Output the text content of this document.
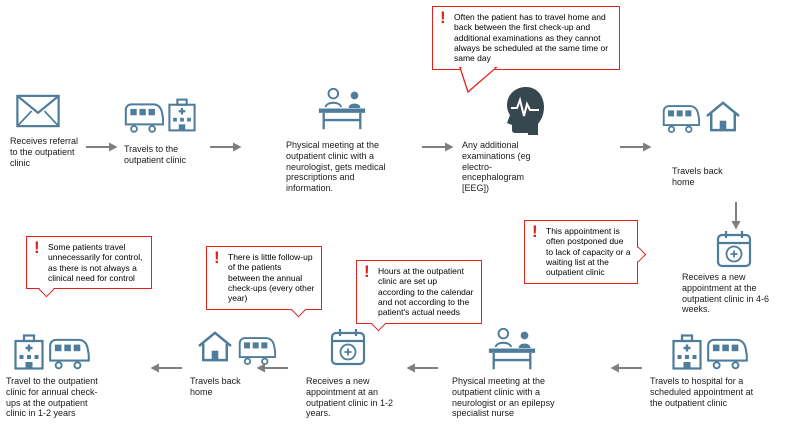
Receives referral to the outpatient clinic
Travels to the outpatient clinic
Physical meeting at the outpatient clinic with a neurologist, gets medical prescriptions and information.
Any additional examinations (eg electro-encephalogram [EEG])
Travels back home
Receives a new appointment at the outpatient clinic in 4-6 weeks.
Travels to hospital for a scheduled appointment at the outpatient clinic
Physical meeting at the outpatient clinic with a neurologist or an epilepsy specialist nurse
Receives a new appointment at an outpatient clinic in 1-2 years.
Travels back home
Travel to the outpatient clinic for annual check-ups at the outpatient clinic in 1-2 years
! Often the patient has to travel home and back between the first check-up and additional examinations as they cannot always be scheduled at the same time or same day
! This appointment is often postponed due to lack of capacity or a waiting list at the outpatient clinic
! Hours at the outpatient clinic are set up according to the calendar and not according to the patient's actual needs
! There is little follow-up of the patients between the annual check-ups (every other year)
! Some patients travel unnecessarily for control, as there is not always a clinical need for control
